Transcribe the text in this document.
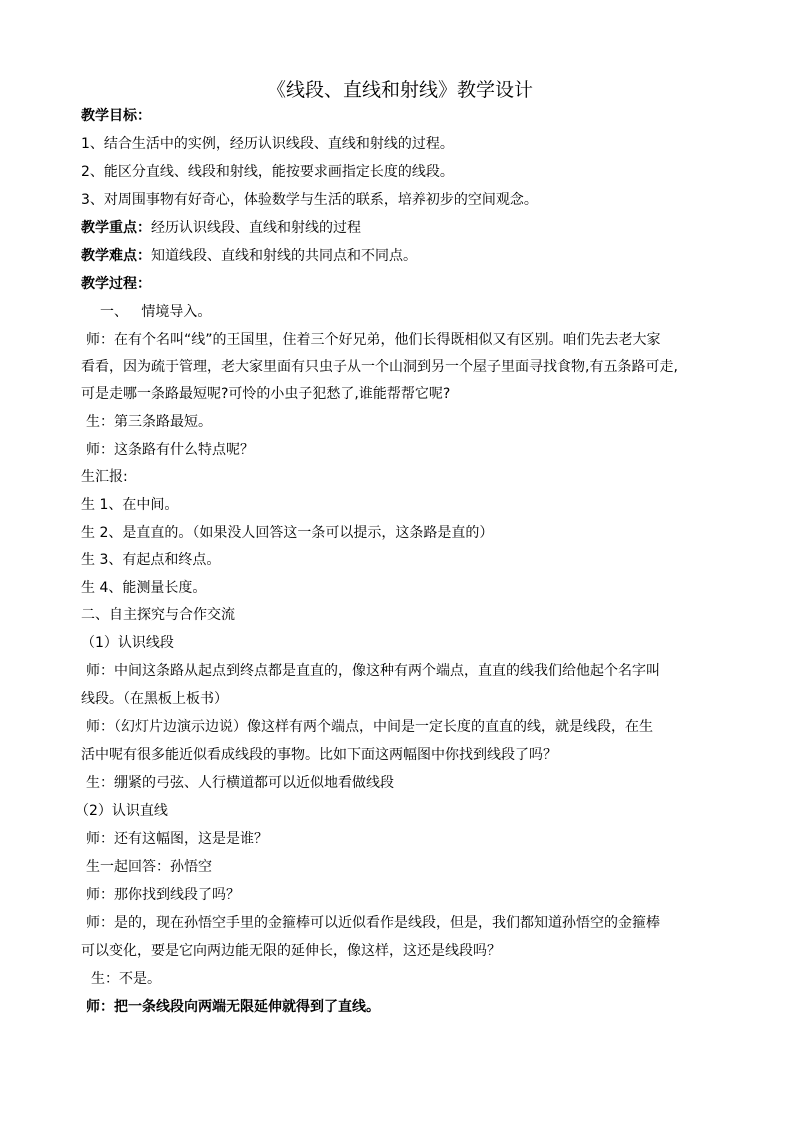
《线段、直线和射线》教学设计

教学目标：

1、结合生活中的实例，经历认识线段、直线和射线的过程。

2、能区分直线、线段和射线，能按要求画指定长度的线段。

3、对周围事物有好奇心，体验数学与生活的联系，培养初步的空间观念。

教学重点：经历认识线段、直线和射线的过程

教学难点：知道线段、直线和射线的共同点和不同点。

教学过程：

一、   情境导入。

师：在有个名叫“线”的王国里，住着三个好兄弟，他们长得既相似又有区别。咱们先去老大家

看看，因为疏于管理，老大家里面有只虫子从一个山洞到另一个屋子里面寻找食物,有五条路可走,

可是走哪一条路最短呢?可怜的小虫子犯愁了,谁能帮帮它呢?

生：第三条路最短。

师：这条路有什么特点呢？

生汇报:

生 1、在中间。

生 2、是直直的。（如果没人回答这一条可以提示，这条路是直的）

生 3、有起点和终点。

生 4、能测量长度。

二、自主探究与合作交流

（1）认识线段

师：中间这条路从起点到终点都是直直的，像这种有两个端点，直直的线我们给他起个名字叫

线段。（在黑板上板书）

师：（幻灯片边演示边说）像这样有两个端点，中间是一定长度的直直的线，就是线段，在生

活中呢有很多能近似看成线段的事物。比如下面这两幅图中你找到线段了吗？

生：绷紧的弓弦、人行横道都可以近似地看做线段

（2）认识直线

师：还有这幅图，这是是谁？

生一起回答：孙悟空

师：那你找到线段了吗？

师：是的，现在孙悟空手里的金箍棒可以近似看作是线段，但是，我们都知道孙悟空的金箍棒

可以变化，要是它向两边能无限的延伸长，像这样，这还是线段吗？

生：不是。

师：把一条线段向两端无限延伸就得到了直线。
